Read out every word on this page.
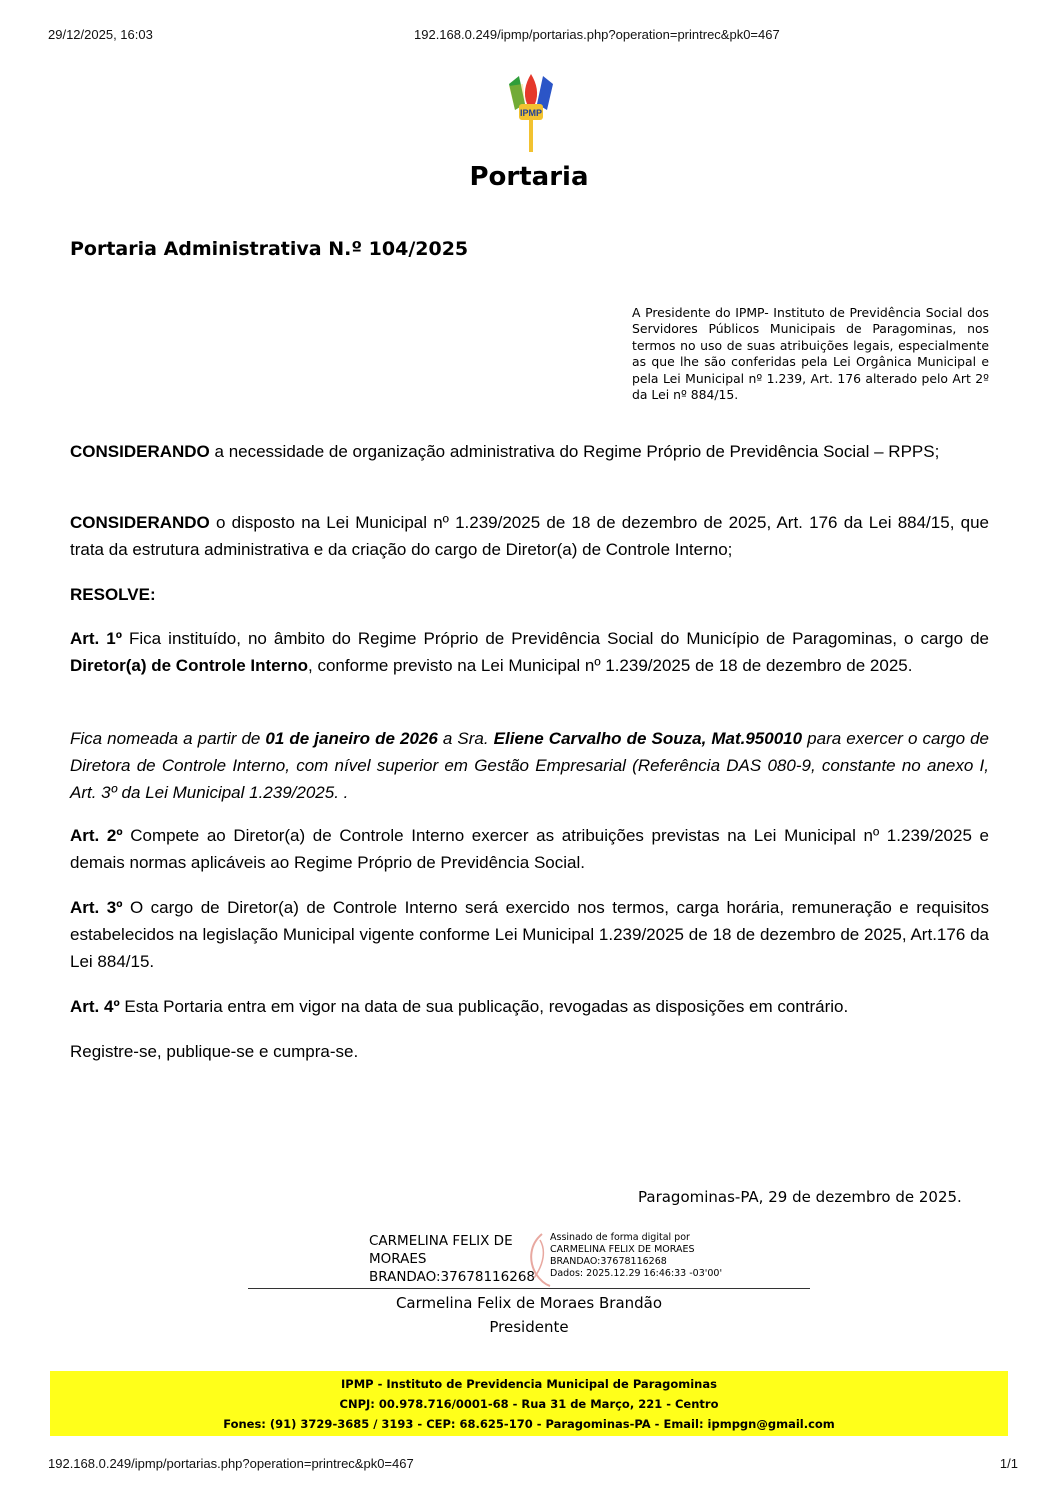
29/12/2025, 16:03	192.168.0.249/ipmp/portarias.php?operation=printrec&pk0=467
IPMP
Portaria
Portaria Administrativa N.º 104/2025
A Presidente do IPMP- Instituto de Previdência Social dos Servidores Públicos Municipais de Paragominas, nos termos no uso de suas atribuições legais, especialmente as que lhe são conferidas pela Lei Orgânica Municipal e pela Lei Municipal nº 1.239, Art. 176 alterado pelo Art 2º da Lei nº 884/15.
CONSIDERANDO a necessidade de organização administrativa do Regime Próprio de Previdência Social – RPPS;
CONSIDERANDO o disposto na Lei Municipal nº 1.239/2025 de 18 de dezembro de 2025, Art. 176 da Lei 884/15, que trata da estrutura administrativa e da criação do cargo de Diretor(a) de Controle Interno;
RESOLVE:
Art. 1º Fica instituído, no âmbito do Regime Próprio de Previdência Social do Município de Paragominas, o cargo de Diretor(a) de Controle Interno, conforme previsto na Lei Municipal nº 1.239/2025 de 18 de dezembro de 2025.
Fica nomeada a partir de 01 de janeiro de 2026 a Sra. Eliene Carvalho de Souza, Mat.950010 para exercer o cargo de Diretora de Controle Interno, com nível superior em Gestão Empresarial (Referência DAS 080-9, constante no anexo I, Art. 3º da Lei Municipal 1.239/2025. .
Art. 2º Compete ao Diretor(a) de Controle Interno exercer as atribuições previstas na Lei Municipal nº 1.239/2025 e demais normas aplicáveis ao Regime Próprio de Previdência Social.
Art. 3º O cargo de Diretor(a) de Controle Interno será exercido nos termos, carga horária, remuneração e requisitos estabelecidos na legislação Municipal vigente conforme Lei Municipal 1.239/2025 de 18 de dezembro de 2025, Art.176 da Lei 884/15.
Art. 4º Esta Portaria entra em vigor na data de sua publicação, revogadas as disposições em contrário.
Registre-se, publique-se e cumpra-se.
Paragominas-PA, 29 de dezembro de 2025.
CARMELINA FELIX DE
MORAES
BRANDAO:37678116268
Assinado de forma digital por
CARMELINA FELIX DE MORAES
BRANDAO:37678116268
Dados: 2025.12.29 16:46:33 -03'00'
Carmelina Felix de Moraes Brandão
Presidente
IPMP - Instituto de Previdencia Municipal de Paragominas
CNPJ: 00.978.716/0001-68 - Rua 31 de Março, 221 - Centro
Fones: (91) 3729-3685 / 3193 - CEP: 68.625-170 - Paragominas-PA - Email: ipmpgn@gmail.com
192.168.0.249/ipmp/portarias.php?operation=printrec&pk0=467	1/1
